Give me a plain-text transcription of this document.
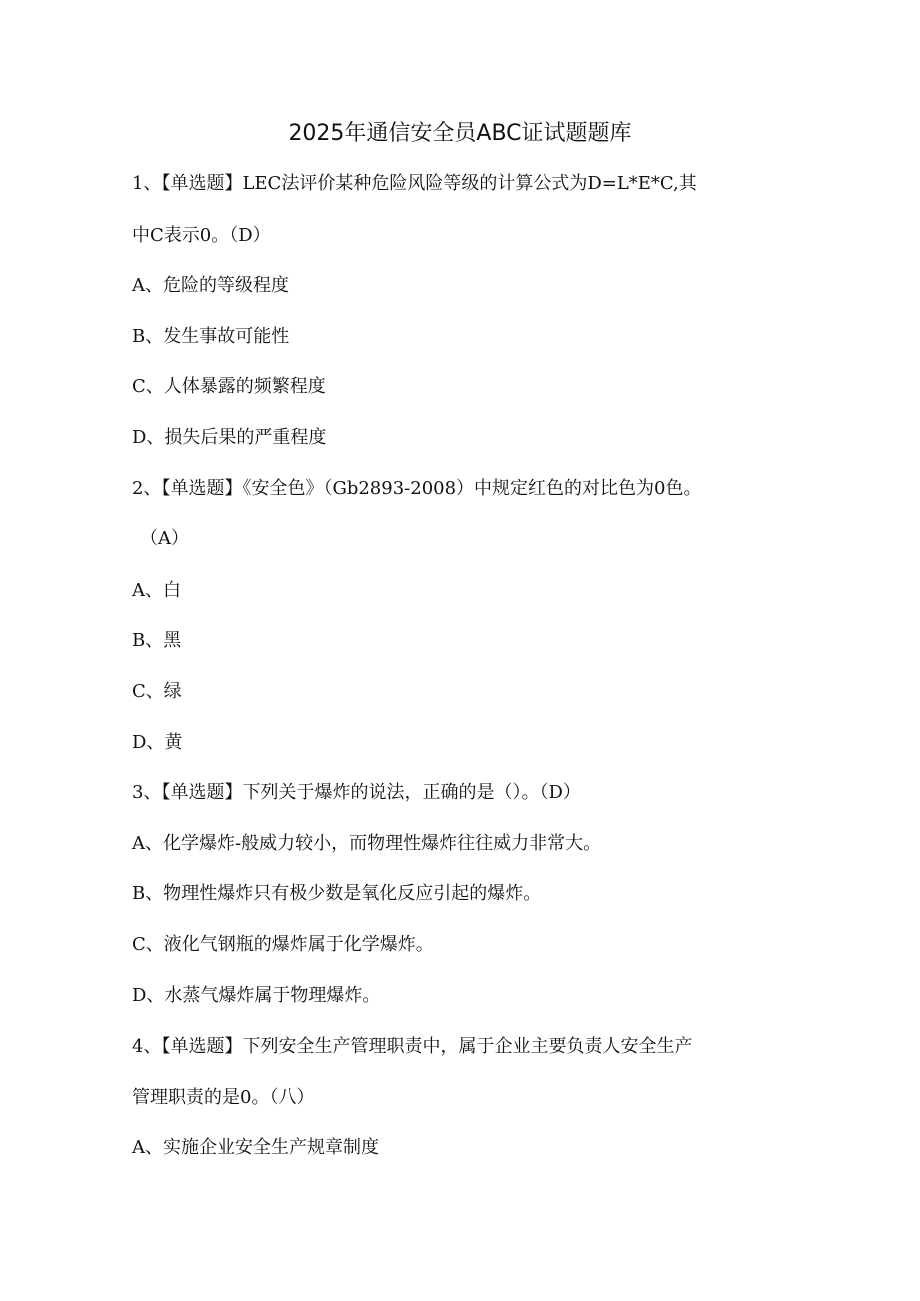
2025年通信安全员ABC证试题题库
1、【单选题】LEC法评价某种危险风险等级的计算公式为D=L*E*C,其
中C表示0。（D）
A、危险的等级程度
B、发生事故可能性
C、人体暴露的频繁程度
D、损失后果的严重程度
2、【单选题】《安全色》（Gb2893-2008）中规定红色的对比色为0色。
（A）
A、白
B、黑
C、绿
D、黄
3、【单选题】下列关于爆炸的说法，正确的是（）。（D）
A、化学爆炸-般威力较小，而物理性爆炸往往威力非常大。
B、物理性爆炸只有极少数是氧化反应引起的爆炸。
C、液化气钢瓶的爆炸属于化学爆炸。
D、水蒸气爆炸属于物理爆炸。
4、【单选题】下列安全生产管理职责中，属于企业主要负责人安全生产
管理职责的是0。（八）
A、实施企业安全生产规章制度
